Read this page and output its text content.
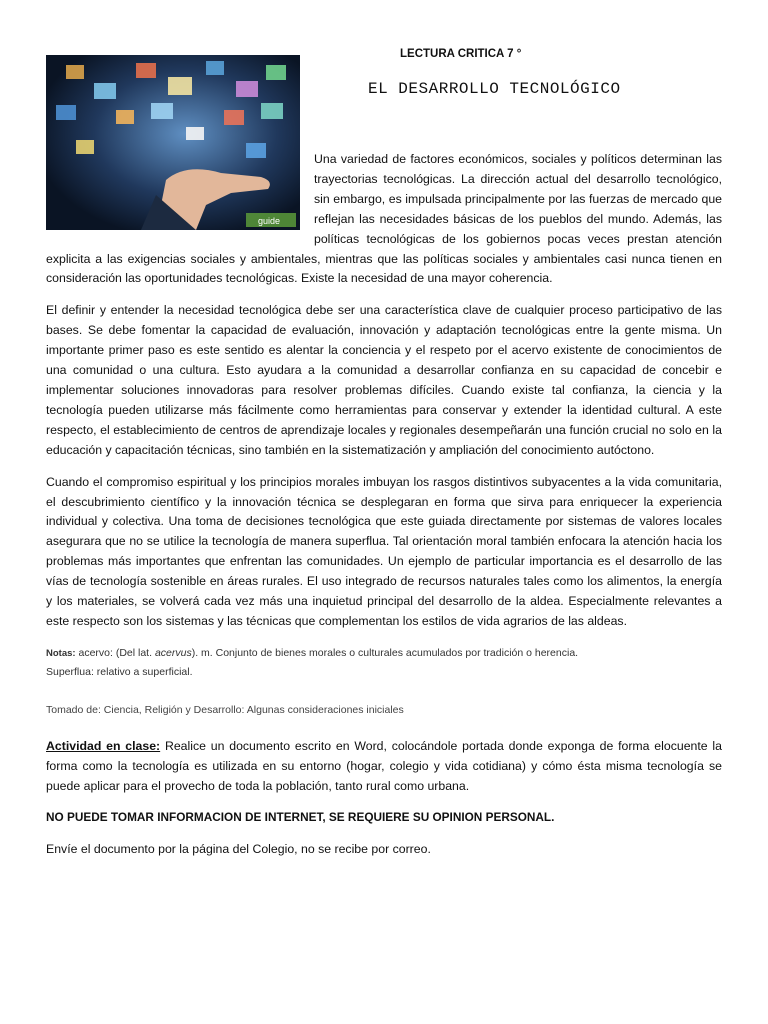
LECTURA CRITICA 7 °
EL DESARROLLO TECNOLÓGICO
guide

Una variedad de factores económicos, sociales y políticos determinan las trayectorias tecnológicas. La dirección actual del desarrollo tecnológico, sin embargo, es impulsada principalmente por las fuerzas de mercado que reflejan las necesidades básicas de los pueblos del mundo. Además, las políticas tecnológicas de los gobiernos pocas veces prestan atención explicita a las exigencias sociales y ambientales, mientras que las políticas sociales y ambientales casi nunca tienen en consideración las oportunidades tecnológicas. Existe la necesidad de una mayor coherencia.

El definir y entender la necesidad tecnológica debe ser una característica clave de cualquier proceso participativo de las bases. Se debe fomentar la capacidad de evaluación, innovación y adaptación tecnológicas entre la gente misma. Un importante primer paso es este sentido es alentar la conciencia y el respeto por el acervo existente de conocimientos de una comunidad o una cultura. Esto ayudara a la comunidad a desarrollar confianza en su capacidad de concebir e implementar soluciones innovadoras para resolver problemas difíciles. Cuando existe tal confianza, la ciencia y la tecnología pueden utilizarse más fácilmente como herramientas para conservar y extender la identidad cultural. A este respecto, el establecimiento de centros de aprendizaje locales y regionales desempeñarán una función crucial no solo en la educación y capacitación técnicas, sino también en la sistematización y ampliación del conocimiento autóctono.

Cuando el compromiso espiritual y los principios morales imbuyan los rasgos distintivos subyacentes a la vida comunitaria, el descubrimiento científico y la innovación técnica se desplegaran en forma que sirva para enriquecer la experiencia individual y colectiva. Una toma de decisiones tecnológica que este guiada directamente por sistemas de valores locales asegurara que no se utilice la tecnología de manera superflua. Tal orientación moral también enfocara la atención hacia los problemas más importantes que enfrentan las comunidades. Un ejemplo de particular importancia es el desarrollo de las vías de tecnología sostenible en áreas rurales. El uso integrado de recursos naturales tales como los alimentos, la energía y los materiales, se volverá cada vez más una inquietud principal del desarrollo de la aldea. Especialmente relevantes a este respecto son los sistemas y las técnicas que complementan los estilos de vida agrarios de las aldeas.

Notas: acervo: (Del lat. acervus). m. Conjunto de bienes morales o culturales acumulados por tradición o herencia.
Superflua: relativo a superficial.
Tomado de: Ciencia, Religión y Desarrollo: Algunas consideraciones iniciales

Actividad en clase: Realice un documento escrito en Word, colocándole portada donde exponga de forma elocuente la forma como la tecnología es utilizada en su entorno (hogar, colegio y vida cotidiana) y cómo ésta misma tecnología se puede aplicar para el provecho de toda la población, tanto rural como urbana.

NO PUEDE TOMAR INFORMACION DE INTERNET, SE REQUIERE SU OPINION PERSONAL.

Envíe el documento por la página del Colegio, no se recibe por correo.
